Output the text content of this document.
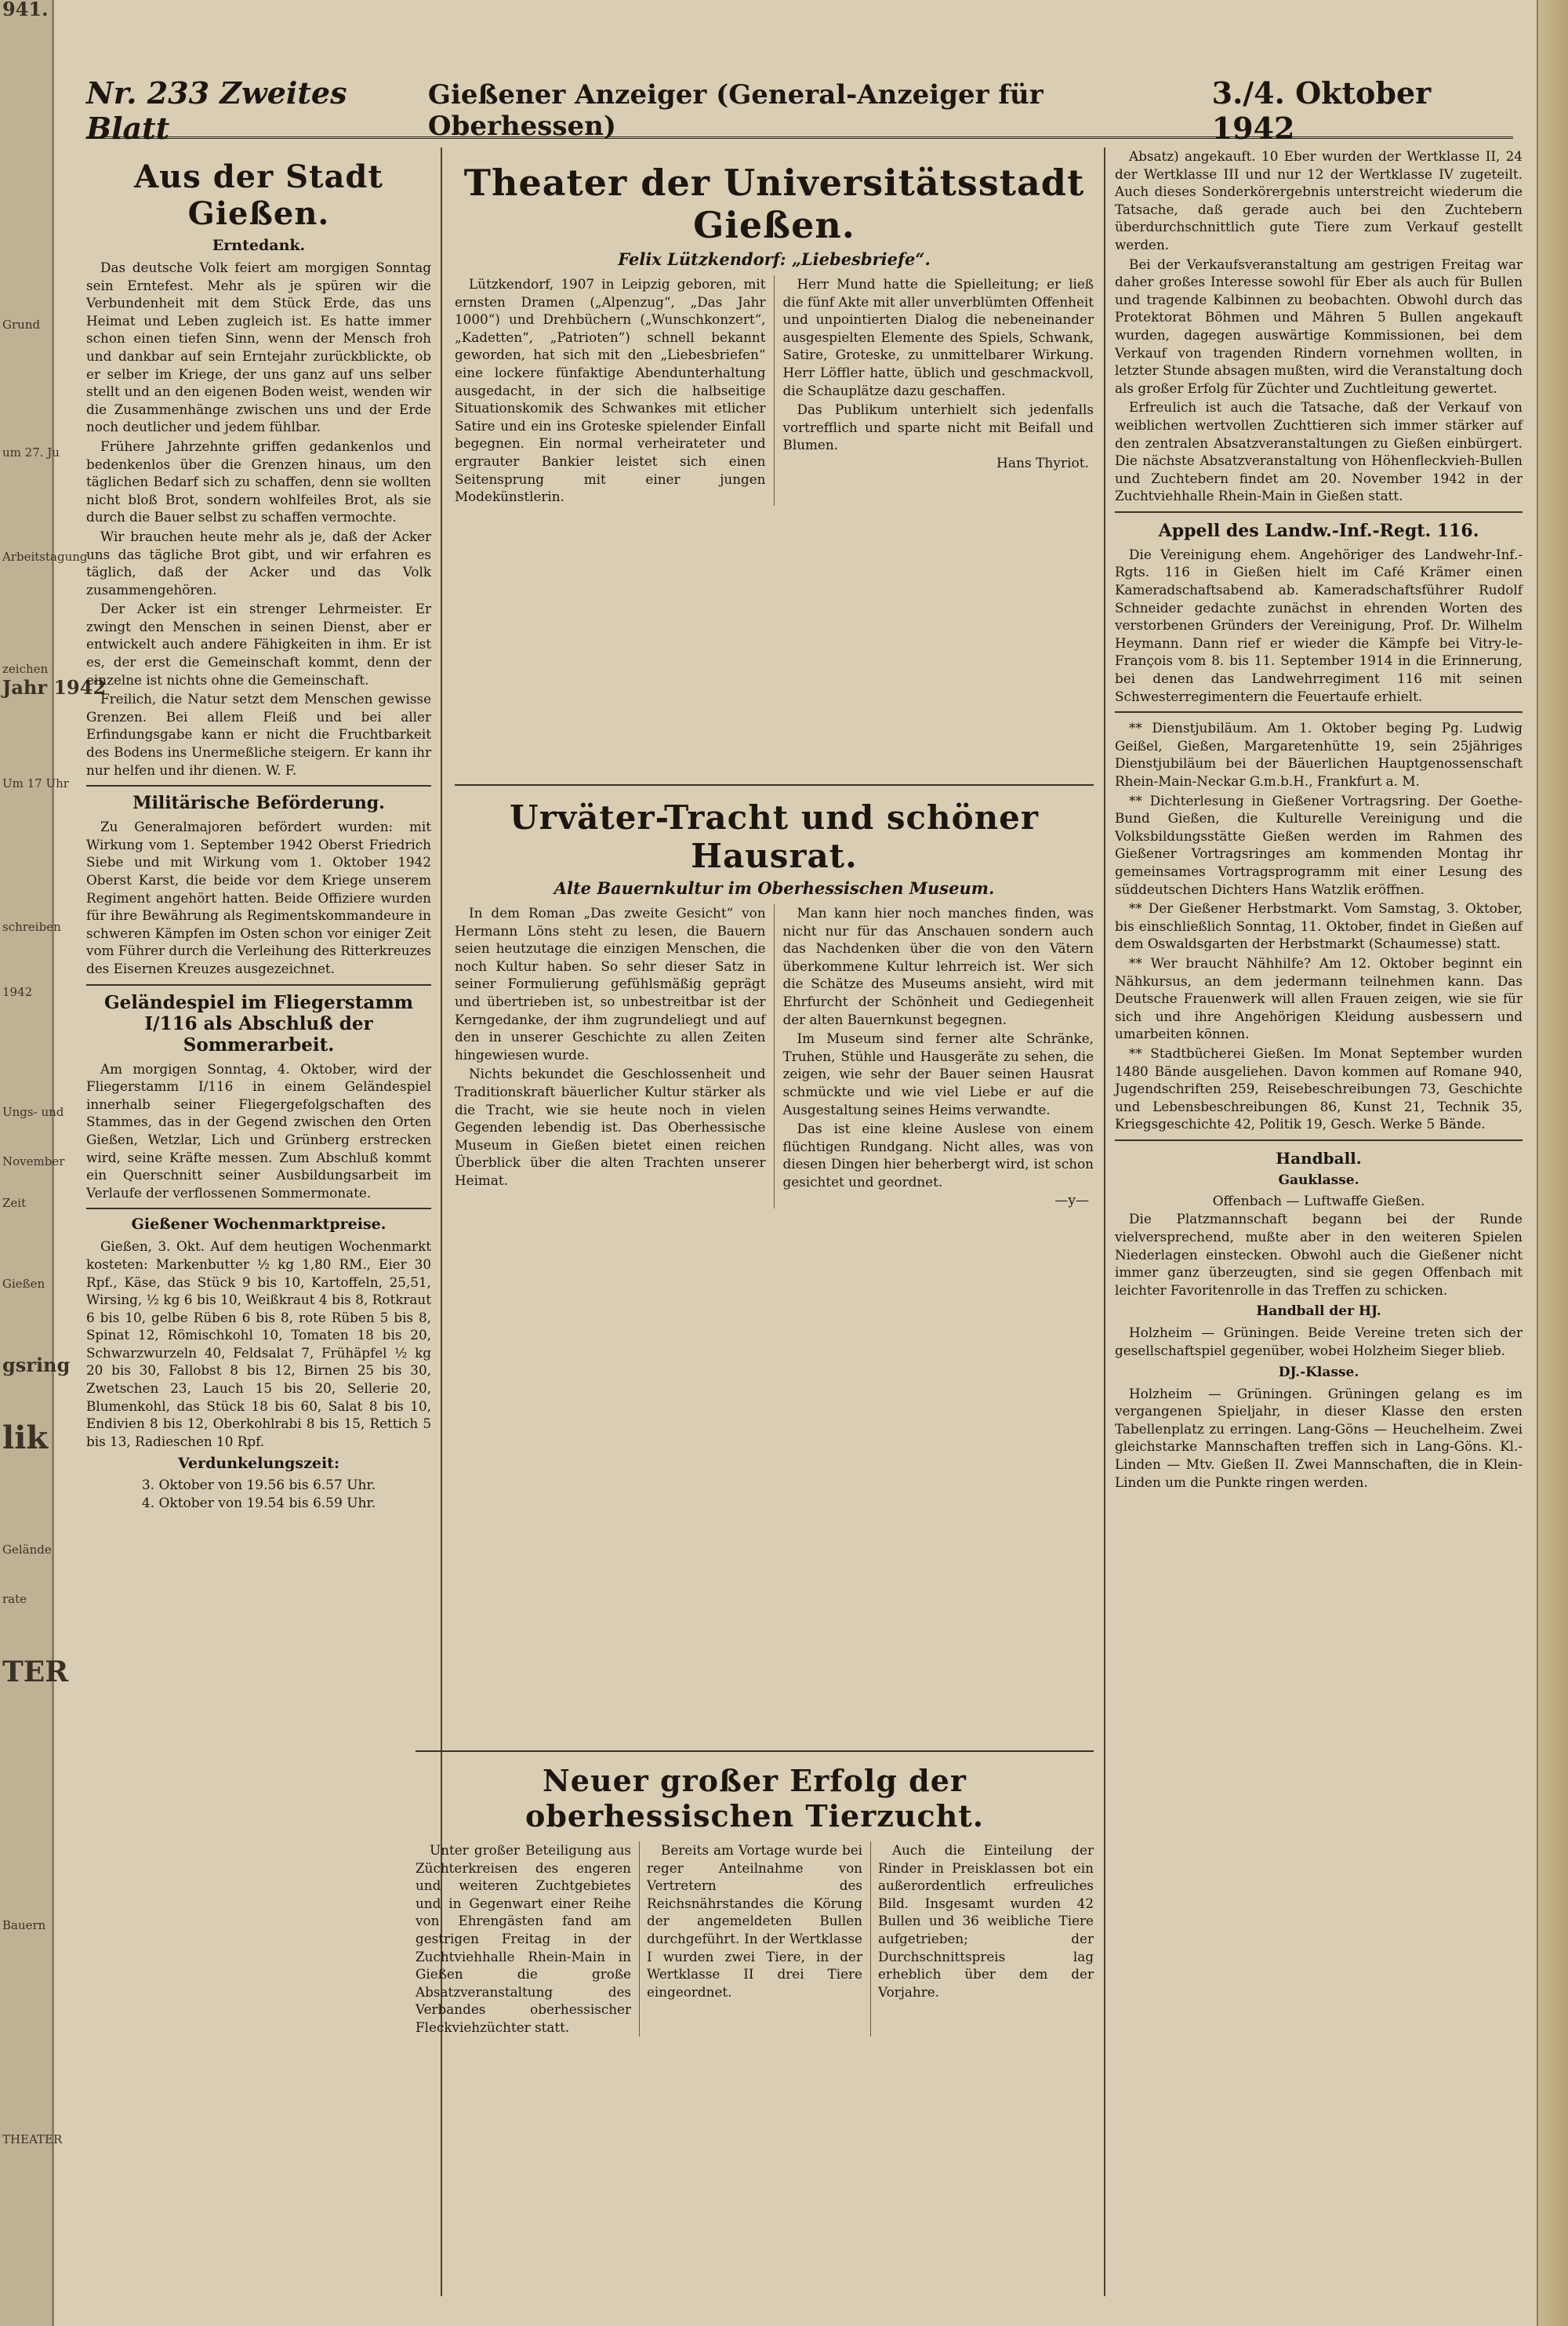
941.
Grund
um 27. Ju
Arbeitstagung
zeichen
Jahr 1942
Um 17 Uhr
schreiben
1942
Ungs- und
November
Zeit
Gießen
gsring
lik
Gelände
rate
TER
Bauern
THEATER
Nr. 233 Zweites Blatt
Gießener Anzeiger (General-Anzeiger für Oberhessen)
3./4. Oktober 1942
Aus der Stadt Gießen.
Erntedank.

Das deutsche Volk feiert am morgigen Sonntag sein Erntefest. Mehr als je spüren wir die Verbundenheit mit dem Stück Erde, das uns Heimat und Leben zugleich ist. Es hatte immer schon einen tiefen Sinn, wenn der Mensch froh und dankbar auf sein Erntejahr zurückblickte, ob er selber im Kriege, der uns ganz auf uns selber stellt und an den eigenen Boden weist, wenden wir die Zusammenhänge zwischen uns und der Erde noch deutlicher und jedem fühlbar.

Frühere Jahrzehnte griffen gedankenlos und bedenkenlos über die Grenzen hinaus, um den täglichen Bedarf sich zu schaffen, denn sie wollten nicht bloß Brot, sondern wohlfeiles Brot, als sie durch die Bauer selbst zu schaffen vermochte.

Wir brauchen heute mehr als je, daß der Acker uns das tägliche Brot gibt, und wir erfahren es täglich, daß der Acker und das Volk zusammengehören.

Der Acker ist ein strenger Lehrmeister. Er zwingt den Menschen in seinen Dienst, aber er entwickelt auch andere Fähigkeiten in ihm. Er ist es, der erst die Gemeinschaft kommt, denn der einzelne ist nichts ohne die Gemeinschaft.

Freilich, die Natur setzt dem Menschen gewisse Grenzen. Bei allem Fleiß und bei aller Erfindungsgabe kann er nicht die Fruchtbarkeit des Bodens ins Unermeßliche steigern. Er kann ihr nur helfen und ihr dienen. W. F.

Militärische Beförderung.

Zu Generalmajoren befördert wurden: mit Wirkung vom 1. September 1942 Oberst Friedrich Siebe und mit Wirkung vom 1. Oktober 1942 Oberst Karst, die beide vor dem Kriege unserem Regiment angehört hatten. Beide Offiziere wurden für ihre Bewährung als Regimentskommandeure in schweren Kämpfen im Osten schon vor einiger Zeit vom Führer durch die Verleihung des Ritterkreuzes des Eisernen Kreuzes ausgezeichnet.

Geländespiel im Fliegerstamm I/116 als Abschluß der Sommerarbeit.

Am morgigen Sonntag, 4. Oktober, wird der Fliegerstamm I/116 in einem Geländespiel innerhalb seiner Fliegergefolgschaften des Stammes, das in der Gegend zwischen den Orten Gießen, Wetzlar, Lich und Grünberg erstrecken wird, seine Kräfte messen. Zum Abschluß kommt ein Querschnitt seiner Ausbildungsarbeit im Verlaufe der verflossenen Sommermonate.

Gießener Wochenmarktpreise.

Gießen, 3. Okt. Auf dem heutigen Wochenmarkt kosteten: Markenbutter ½ kg 1,80 RM., Eier 30 Rpf., Käse, das Stück 9 bis 10, Kartoffeln, 25,51, Wirsing, ½ kg 6 bis 10, Weißkraut 4 bis 8, Rotkraut 6 bis 10, gelbe Rüben 6 bis 8, rote Rüben 5 bis 8, Spinat 12, Römischkohl 10, Tomaten 18 bis 20, Schwarzwurzeln 40, Feldsalat 7, Frühäpfel ½ kg 20 bis 30, Fallobst 8 bis 12, Birnen 25 bis 30, Zwetschen 23, Lauch 15 bis 20, Sellerie 20, Blumenkohl, das Stück 18 bis 60, Salat 8 bis 10, Endivien 8 bis 12, Oberkohlrabi 8 bis 15, Rettich 5 bis 13, Radieschen 10 Rpf.

Verdunkelungszeit:
3. Oktober von 19.56 bis 6.57 Uhr.
4. Oktober von 19.54 bis 6.59 Uhr.
Theater der Universitätsstadt Gießen.
Felix Lützkendorf: „Liebesbriefe“.

Lützkendorf, 1907 in Leipzig geboren, mit ernsten Dramen („Alpenzug“, „Das Jahr 1000“) und Drehbüchern („Wunschkonzert“, „Kadetten“, „Patrioten“) schnell bekannt geworden, hat sich mit den „Liebesbriefen“ eine lockere fünfaktige Abendunterhaltung ausgedacht, in der sich die halbseitige Situationskomik des Schwankes mit etlicher Satire und ein ins Groteske spielender Einfall begegnen. Ein normal verheirateter und ergrauter Bankier leistet sich einen Seitensprung mit einer jungen Modekünstlerin.

Herr Mund hatte die Spielleitung; er ließ die fünf Akte mit aller unverblümten Offenheit und unpointierten Dialog die nebeneinander ausgespielten Elemente des Spiels, Schwank, Satire, Groteske, zu unmittelbarer Wirkung. Herr Löffler hatte, üblich und geschmackvoll, die Schauplätze dazu geschaffen.

Das Publikum unterhielt sich jedenfalls vortrefflich und sparte nicht mit Beifall und Blumen.

Hans Thyriot.
Urväter-Tracht und schöner Hausrat.
Alte Bauernkultur im Oberhessischen Museum.

In dem Roman „Das zweite Gesicht“ von Hermann Löns steht zu lesen, die Bauern seien heutzutage die einzigen Menschen, die noch Kultur haben. So sehr dieser Satz in seiner Formulierung gefühlsmäßig geprägt und übertrieben ist, so unbestreitbar ist der Kerngedanke, der ihm zugrundeliegt und auf den in unserer Geschichte zu allen Zeiten hingewiesen wurde.

Nichts bekundet die Geschlossenheit und Traditionskraft bäuerlicher Kultur stärker als die Tracht, wie sie heute noch in vielen Gegenden lebendig ist. Das Oberhessische Museum in Gießen bietet einen reichen Überblick über die alten Trachten unserer Heimat.

Man kann hier noch manches finden, was nicht nur für das Anschauen sondern auch das Nachdenken über die von den Vätern überkommene Kultur lehrreich ist. Wer sich die Schätze des Museums ansieht, wird mit Ehrfurcht der Schönheit und Gediegenheit der alten Bauernkunst begegnen.

Im Museum sind ferner alte Schränke, Truhen, Stühle und Hausgeräte zu sehen, die zeigen, wie sehr der Bauer seinen Hausrat schmückte und wie viel Liebe er auf die Ausgestaltung seines Heims verwandte.

Das ist eine kleine Auslese von einem flüchtigen Rundgang. Nicht alles, was von diesen Dingen hier beherbergt wird, ist schon gesichtet und geordnet.

—y—
Neuer großer Erfolg der oberhessischen Tierzucht.

Unter großer Beteiligung aus Züchterkreisen des engeren und weiteren Zuchtgebietes und in Gegenwart einer Reihe von Ehrengästen fand am gestrigen Freitag in der Zuchtviehhalle Rhein-Main in Gießen die große Absatzveranstaltung des Verbandes oberhessischer Fleckviehzüchter statt.

Bereits am Vortage wurde bei reger Anteilnahme von Vertretern des Reichsnährstandes die Körung der angemeldeten Bullen durchgeführt. In der Wertklasse I wurden zwei Tiere, in der Wertklasse II drei Tiere eingeordnet.

Auch die Einteilung der Rinder in Preisklassen bot ein außerordentlich erfreuliches Bild. Insgesamt wurden 42 Bullen und 36 weibliche Tiere aufgetrieben; der Durchschnittspreis lag erheblich über dem der Vorjahre.

Absatz) angekauft. 10 Eber wurden der Wertklasse II, 24 der Wertklasse III und nur 12 der Wertklasse IV zugeteilt. Auch dieses Sonderkörergebnis unterstreicht wiederum die Tatsache, daß gerade auch bei den Zuchtebern überdurchschnittlich gute Tiere zum Verkauf gestellt werden.

Bei der Verkaufsveranstaltung am gestrigen Freitag war daher großes Interesse sowohl für Eber als auch für Bullen und tragende Kalbinnen zu beobachten. Obwohl durch das Protektorat Böhmen und Mähren 5 Bullen angekauft wurden, dagegen auswärtige Kommissionen, bei dem Verkauf von tragenden Rindern vornehmen wollten, in letzter Stunde absagen mußten, wird die Veranstaltung doch als großer Erfolg für Züchter und Zuchtleitung gewertet.

Erfreulich ist auch die Tatsache, daß der Verkauf von weiblichen wertvollen Zuchttieren sich immer stärker auf den zentralen Absatzveranstaltungen zu Gießen einbürgert. Die nächste Absatzveranstaltung von Höhenfleckvieh-Bullen und Zuchtebern findet am 20. November 1942 in der Zuchtviehhalle Rhein-Main in Gießen statt.

Appell des Landw.-Inf.-Regt. 116.

Die Vereinigung ehem. Angehöriger des Landwehr-Inf.-Rgts. 116 in Gießen hielt im Café Krämer einen Kameradschaftsabend ab. Kameradschaftsführer Rudolf Schneider gedachte zunächst in ehrenden Worten des verstorbenen Gründers der Vereinigung, Prof. Dr. Wilhelm Heymann. Dann rief er wieder die Kämpfe bei Vitry-le-François vom 8. bis 11. September 1914 in die Erinnerung, bei denen das Landwehrregiment 116 mit seinen Schwesterregimentern die Feuertaufe erhielt.

** Dienstjubiläum. Am 1. Oktober beging Pg. Ludwig Geißel, Gießen, Margaretenhütte 19, sein 25jähriges Dienstjubiläum bei der Bäuerlichen Hauptgenossenschaft Rhein-Main-Neckar G.m.b.H., Frankfurt a. M.

** Dichterlesung in Gießener Vortragsring. Der Goethe-Bund Gießen, die Kulturelle Vereinigung und die Volksbildungsstätte Gießen werden im Rahmen des Gießener Vortragsringes am kommenden Montag ihr gemeinsames Vortragsprogramm mit einer Lesung des süddeutschen Dichters Hans Watzlik eröffnen.

** Der Gießener Herbstmarkt. Vom Samstag, 3. Oktober, bis einschließlich Sonntag, 11. Oktober, findet in Gießen auf dem Oswaldsgarten der Herbstmarkt (Schaumesse) statt.

** Wer braucht Nähhilfe? Am 12. Oktober beginnt ein Nähkursus, an dem jedermann teilnehmen kann. Das Deutsche Frauenwerk will allen Frauen zeigen, wie sie für sich und ihre Angehörigen Kleidung ausbessern und umarbeiten können.

** Stadtbücherei Gießen. Im Monat September wurden 1480 Bände ausgeliehen. Davon kommen auf Romane 940, Jugendschriften 259, Reisebeschreibungen 73, Geschichte und Lebensbeschreibungen 86, Kunst 21, Technik 35, Kriegsgeschichte 42, Politik 19, Gesch. Werke 5 Bände.

Handball.
Gauklasse.
Offenbach — Luftwaffe Gießen.

Die Platzmannschaft begann bei der Runde vielversprechend, mußte aber in den weiteren Spielen Niederlagen einstecken. Obwohl auch die Gießener nicht immer ganz überzeugten, sind sie gegen Offenbach mit leichter Favoritenrolle in das Treffen zu schicken.

Handball der HJ.

Holzheim — Grüningen. Beide Vereine treten sich der gesellschaftspiel gegenüber, wobei Holzheim Sieger blieb.

DJ.-Klasse.

Holzheim — Grüningen. Grüningen gelang es im vergangenen Spieljahr, in dieser Klasse den ersten Tabellenplatz zu erringen. Lang-Göns — Heuchelheim. Zwei gleichstarke Mannschaften treffen sich in Lang-Göns. Kl.-Linden — Mtv. Gießen II. Zwei Mannschaften, die in Klein-Linden um die Punkte ringen werden.
